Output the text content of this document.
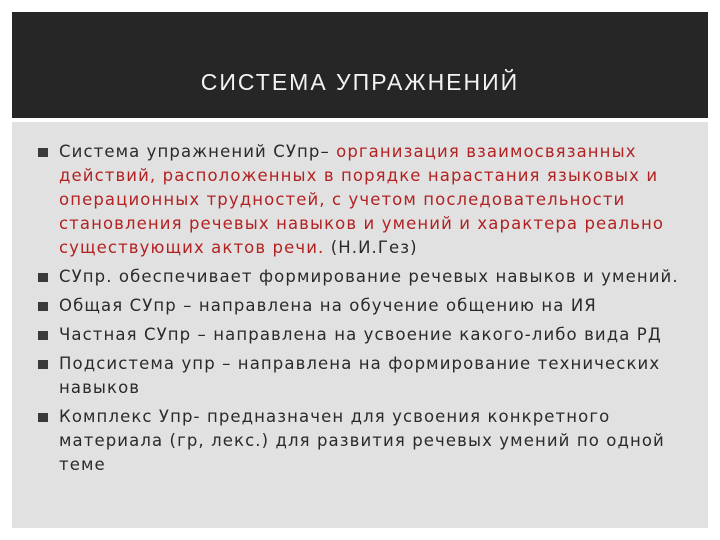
СИСТЕМА УПРАЖНЕНИЙ
Система упражнений СУпр– организация взаимосвязанных действий, расположенных в порядке нарастания языковых и операционных трудностей, с учетом последовательности становления речевых навыков и умений и характера реально существующих актов речи. (Н.И.Гез)
СУпр. обеспечивает формирование речевых навыков и умений.
Общая СУпр – направлена на обучение общению на ИЯ
Частная СУпр – направлена на усвоение какого-либо вида РД
Подсистема упр – направлена на формирование технических навыков
Комплекс Упр- предназначен для усвоения конкретного материала (гр, лекс.) для развития речевых умений по одной теме
